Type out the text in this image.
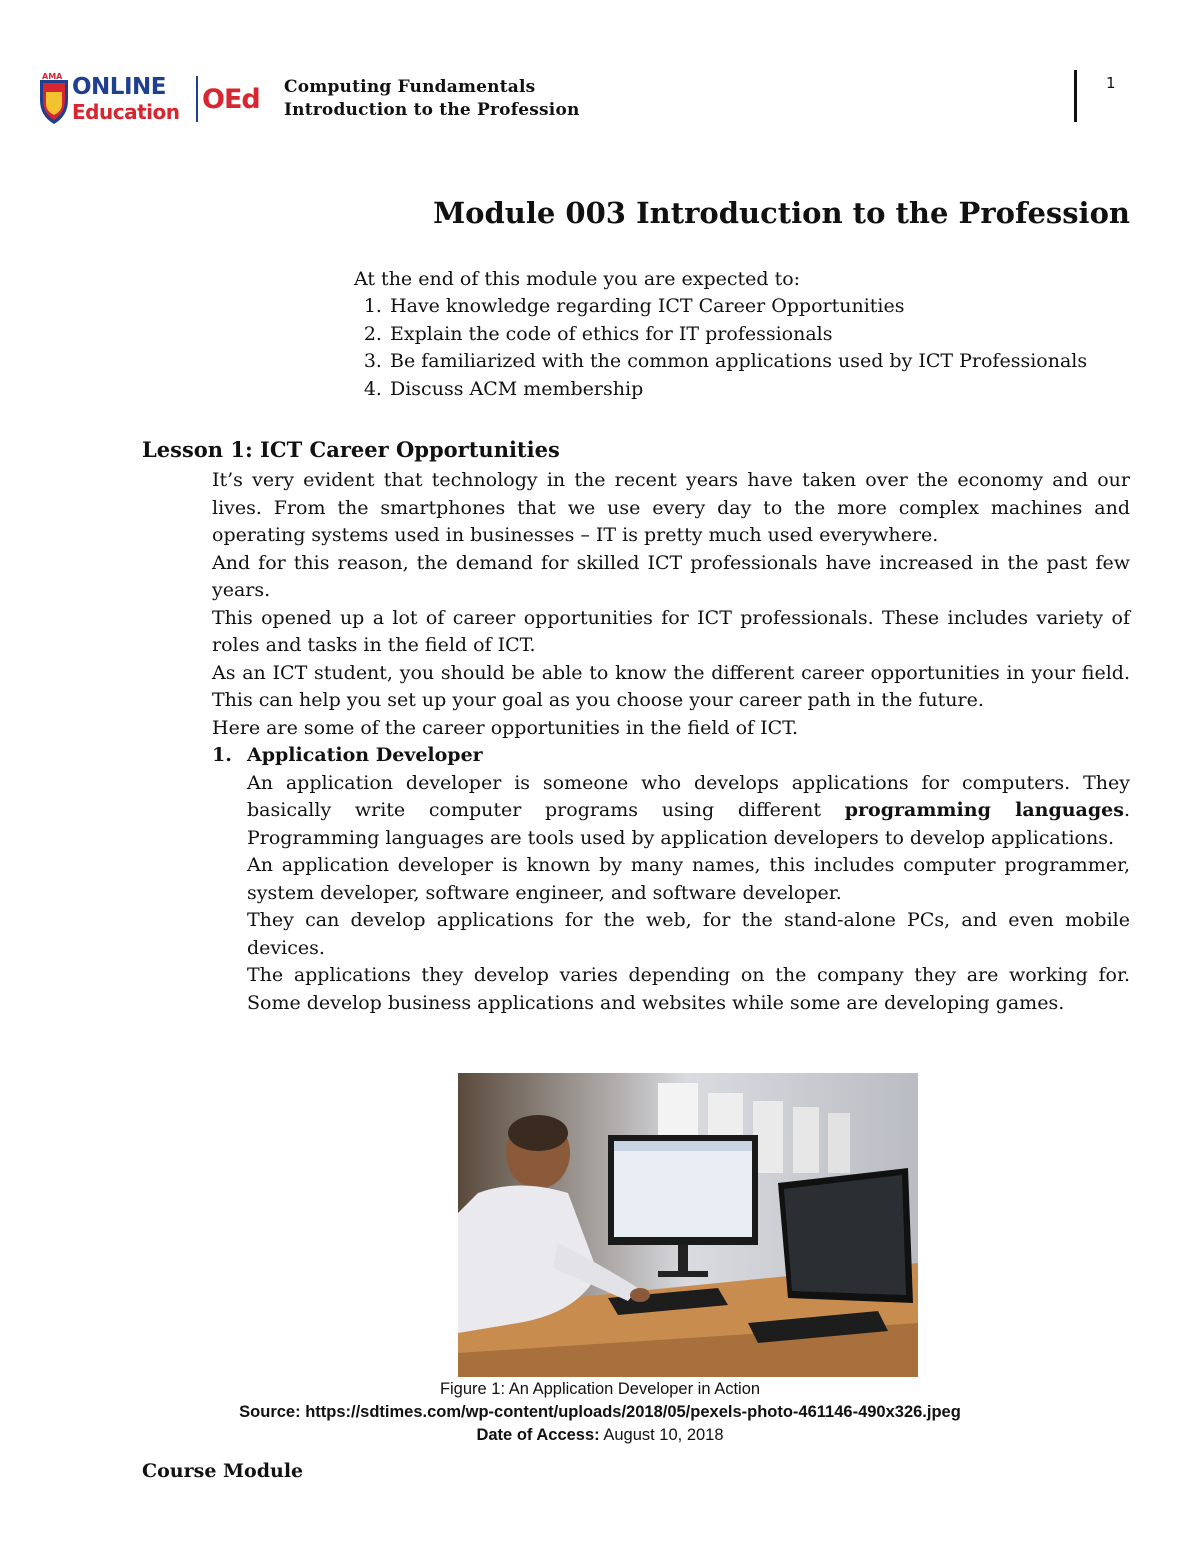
AMA ONLINE
Education OEd Computing Fundamentals
Introduction to the Profession
1
Module 003 Introduction to the Profession
At the end of this module you are expected to:
1. Have knowledge regarding ICT Career Opportunities
2. Explain the code of ethics for IT professionals
3. Be familiarized with the common applications used by ICT Professionals
4. Discuss ACM membership
Lesson 1: ICT Career Opportunities

It’s very evident that technology in the recent years have taken over the economy and our lives. From the smartphones that we use every day to the more complex machines and operating systems used in businesses – IT is pretty much used everywhere.

And for this reason, the demand for skilled ICT professionals have increased in the past few years.

This opened up a lot of career opportunities for ICT professionals. These includes variety of roles and tasks in the field of ICT.

As an ICT student, you should be able to know the different career opportunities in your field. This can help you set up your goal as you choose your career path in the future.

Here are some of the career opportunities in the field of ICT.

1. Application Developer

An application developer is someone who develops applications for computers. They basically write computer programs using different programming languages. Programming languages are tools used by application developers to develop applications.

An application developer is known by many names, this includes computer programmer, system developer, software engineer, and software developer.

They can develop applications for the web, for the stand-alone PCs, and even mobile devices.

The applications they develop varies depending on the company they are working for. Some develop business applications and websites while some are developing games.

Figure 1: An Application Developer in Action
Source: https://sdtimes.com/wp-content/uploads/2018/05/pexels-photo-461146-490x326.jpeg
Date of Access: August 10, 2018
Course Module
